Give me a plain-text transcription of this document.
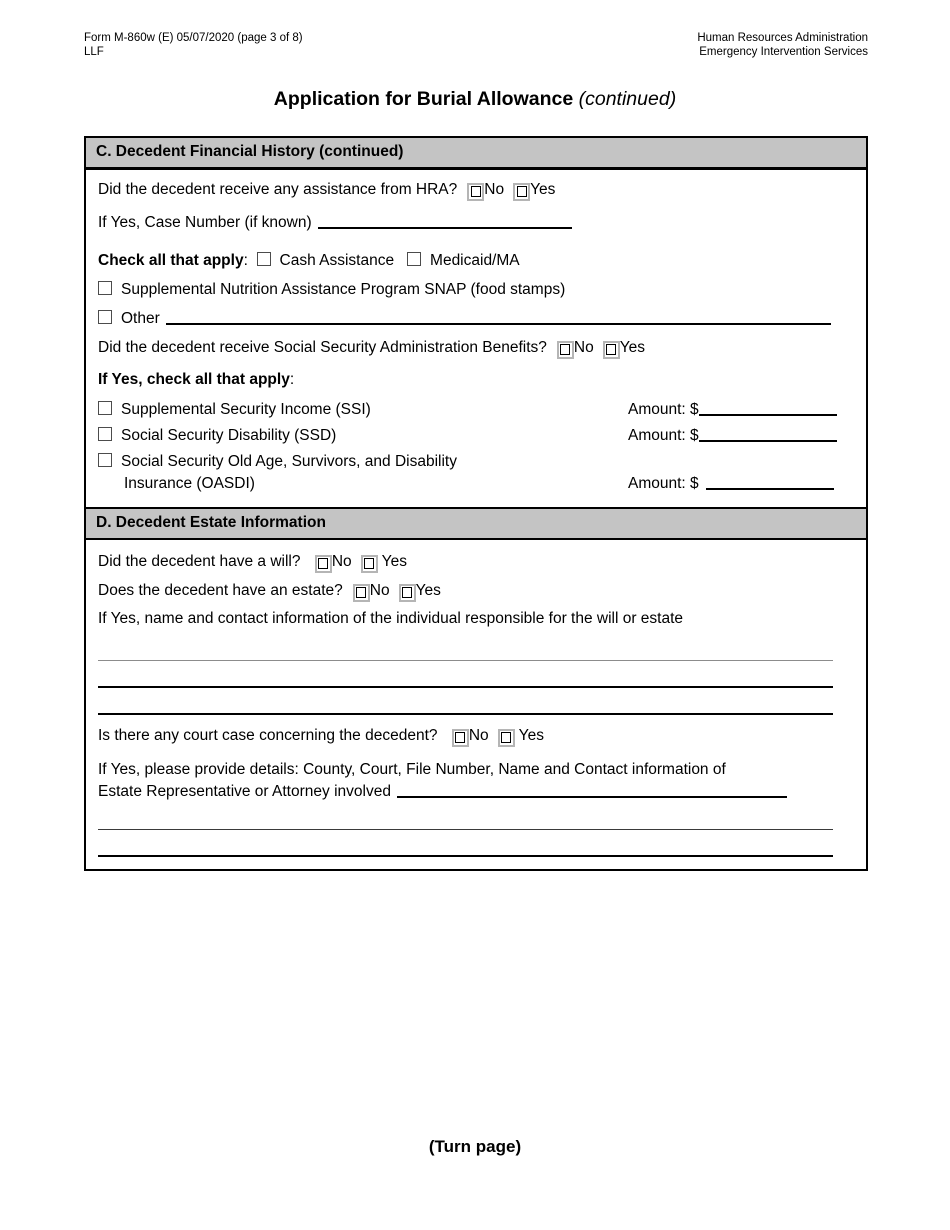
Form M-860w (E) 05/07/2020 (page 3 of 8)
LLF
Human Resources Administration
Emergency Intervention Services
Application for Burial Allowance (continued)
C. Decedent Financial History (continued)
Did the decedent receive any assistance from HRA? No Yes
If Yes, Case Number (if known)
Check all that apply: Cash Assistance Medicaid/MA
Supplemental Nutrition Assistance Program SNAP (food stamps)
Other
Did the decedent receive Social Security Administration Benefits? No Yes
If Yes, check all that apply:
Supplemental Security Income (SSI)	Amount: $
Social Security Disability (SSD)	Amount: $
Social Security Old Age, Survivors, and Disability
Insurance (OASDI)	Amount: $
D. Decedent Estate Information
Did the decedent have a will? No Yes
Does the decedent have an estate? No Yes
If Yes, name and contact information of the individual responsible for the will or estate
Is there any court case concerning the decedent? No Yes
If Yes, please provide details: County, Court, File Number, Name and Contact information of
Estate Representative or Attorney involved
(Turn page)
